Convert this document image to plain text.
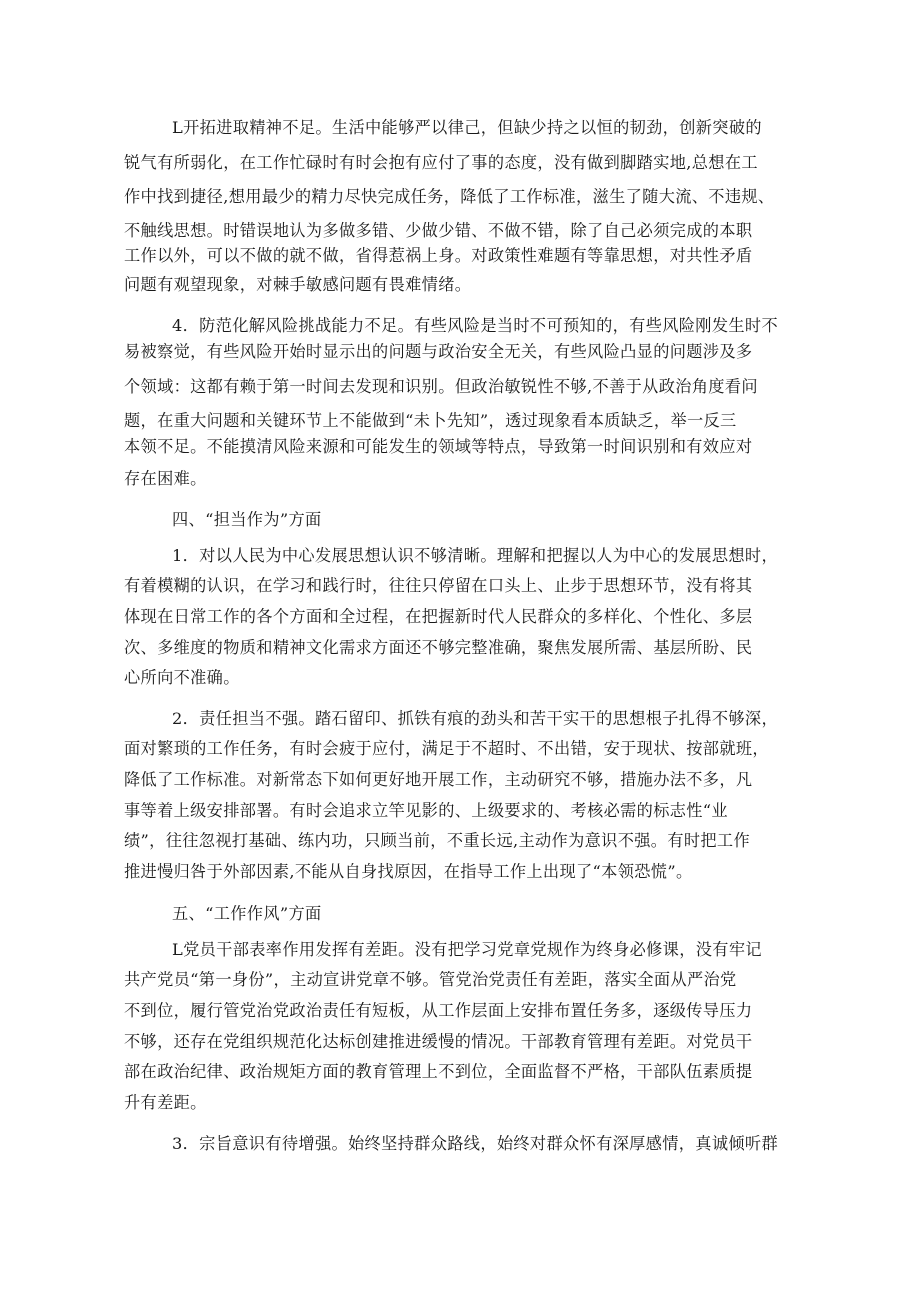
L开拓进取精神不足。生活中能够严以律己，但缺少持之以恒的韧劲，创新突破的
锐气有所弱化，在工作忙碌时有时会抱有应付了事的态度，没有做到脚踏实地,总想在工
作中找到捷径,想用最少的精力尽快完成任务，降低了工作标准，滋生了随大流、不违规、
不触线思想。时错误地认为多做多错、少做少错、不做不错，除了自己必须完成的本职
工作以外，可以不做的就不做，省得惹祸上身。对政策性难题有等靠思想，对共性矛盾
问题有观望现象，对棘手敏感问题有畏难情绪。
4．防范化解风险挑战能力不足。有些风险是当时不可预知的，有些风险刚发生时不
易被察觉，有些风险开始时显示出的问题与政治安全无关，有些风险凸显的问题涉及多
个领域：这都有赖于第一时间去发现和识别。但政治敏锐性不够,不善于从政治角度看问
题，在重大问题和关键环节上不能做到“未卜先知”，透过现象看本质缺乏，举一反三
本领不足。不能摸清风险来源和可能发生的领域等特点，导致第一时间识别和有效应对
存在困难。
四、“担当作为”方面
1．对以人民为中心发展思想认识不够清晰。理解和把握以人为中心的发展思想时，
有着模糊的认识，在学习和践行时，往往只停留在口头上、止步于思想环节，没有将其
体现在日常工作的各个方面和全过程，在把握新时代人民群众的多样化、个性化、多层
次、多维度的物质和精神文化需求方面还不够完整准确，聚焦发展所需、基层所盼、民
心所向不准确。
2．责任担当不强。踏石留印、抓铁有痕的劲头和苦干实干的思想根子扎得不够深，
面对繁琐的工作任务，有时会疲于应付，满足于不超时、不出错，安于现状、按部就班，
降低了工作标准。对新常态下如何更好地开展工作，主动研究不够，措施办法不多，凡
事等着上级安排部署。有时会追求立竿见影的、上级要求的、考核必需的标志性“业
绩”，往往忽视打基础、练内功，只顾当前，不重长远,主动作为意识不强。有时把工作
推进慢归咎于外部因素,不能从自身找原因，在指导工作上出现了“本领恐慌”。
五、“工作作风”方面
L党员干部表率作用发挥有差距。没有把学习党章党规作为终身必修课，没有牢记
共产党员“第一身份”，主动宣讲党章不够。管党治党责任有差距，落实全面从严治党
不到位，履行管党治党政治责任有短板，从工作层面上安排布置任务多，逐级传导压力
不够，还存在党组织规范化达标创建推进缓慢的情况。干部教育管理有差距。对党员干
部在政治纪律、政治规矩方面的教育管理上不到位，全面监督不严格，干部队伍素质提
升有差距。
3．宗旨意识有待增强。始终坚持群众路线，始终对群众怀有深厚感情，真诚倾听群
